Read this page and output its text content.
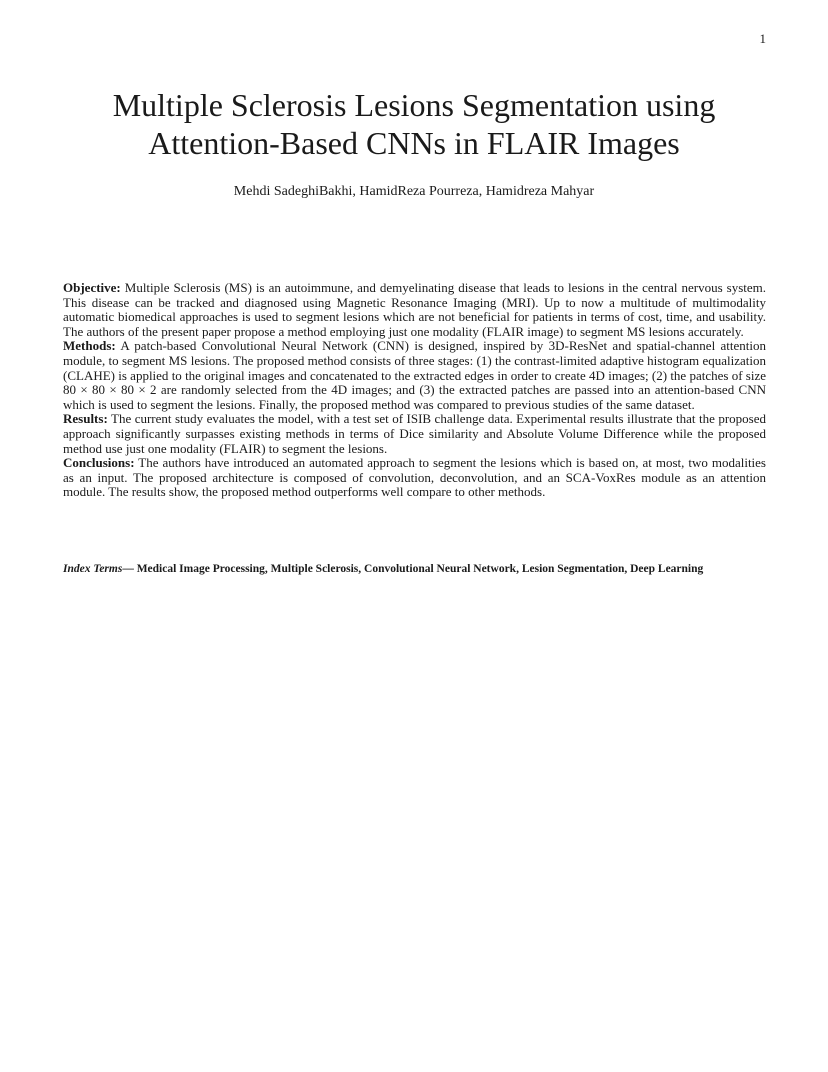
1
Multiple Sclerosis Lesions Segmentation using
Attention-Based CNNs in FLAIR Images
Mehdi SadeghiBakhi, HamidReza Pourreza, Hamidreza Mahyar

Objective: Multiple Sclerosis (MS) is an autoimmune, and demyelinating disease that leads to lesions in the central nervous system. This disease can be tracked and diagnosed using Magnetic Resonance Imaging (MRI). Up to now a multitude of multimodality automatic biomedical approaches is used to segment lesions which are not beneficial for patients in terms of cost, time, and usability. The authors of the present paper propose a method employing just one modality (FLAIR image) to segment MS lesions accurately.

Methods: A patch-based Convolutional Neural Network (CNN) is designed, inspired by 3D-ResNet and spatial-channel attention module, to segment MS lesions. The proposed method consists of three stages: (1) the contrast-limited adaptive histogram equalization (CLAHE) is applied to the original images and concatenated to the extracted edges in order to create 4D images; (2) the patches of size 80 × 80 × 80 × 2 are randomly selected from the 4D images; and (3) the extracted patches are passed into an attention-based CNN which is used to segment the lesions. Finally, the proposed method was compared to previous studies of the same dataset.

Results: The current study evaluates the model, with a test set of ISIB challenge data. Experimental results illustrate that the proposed approach significantly surpasses existing methods in terms of Dice similarity and Absolute Volume Difference while the proposed method use just one modality (FLAIR) to segment the lesions.

Conclusions: The authors have introduced an automated approach to segment the lesions which is based on, at most, two modalities as an input. The proposed architecture is composed of convolution, deconvolution, and an SCA-VoxRes module as an attention module. The results show, the proposed method outperforms well compare to other methods.

Index Terms— Medical Image Processing, Multiple Sclerosis, Convolutional Neural Network, Lesion Segmentation, Deep Learning
